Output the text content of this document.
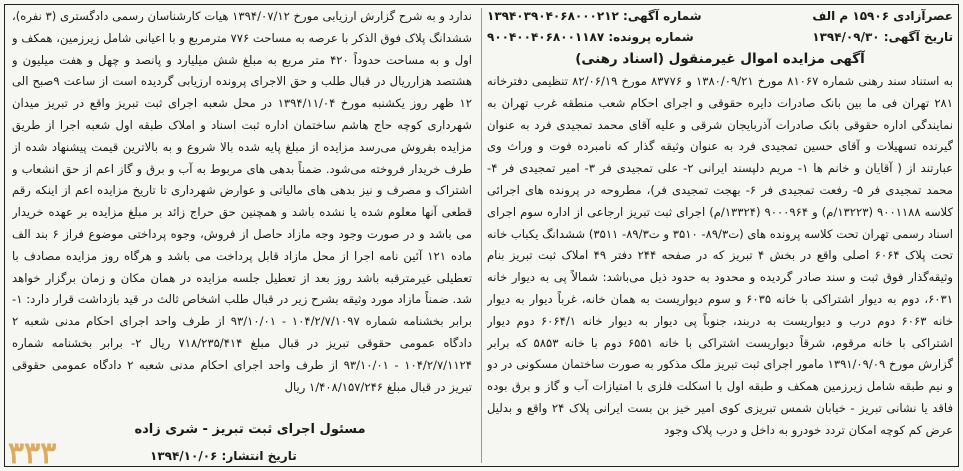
عصرآزادی ۱۵۹۰۶ م الف
شماره آگهی: ۱۳۹۴۰۳۹۰۴۰۶۸۰۰۰۲۱۲
تاریخ آگهی: ۱۳۹۴/۰۹/۳۰
شماره پرونده: ۹۰۰۴۰۰۴۰۶۸۰۰۱۱۸۷
آگهی مزایده اموال غیرمنقول (اسناد رهنی)

به استناد سند رهنی شماره ۸۱۰۶۷ مورخ ۱۳۸۰/۰۹/۲۱ و ۸۳۷۷۶ مورخ ۸۲/۰۶/۱۹ تنظیمی دفترخانه ۲۸۱ تهران فی ما بین بانک صادرات دایره حقوقی و اجرای احکام شعب منطقه غرب تهران به نمایندگی اداره حقوقی بانک صادرات آذربایجان شرقی و علیه آقای محمد تمجیدی فرد به عنوان گیرنده تسهیلات و آقای حسین تمجیدی فرد به عنوان وثیقه گذار که نامبرده فوت و وراث وی عبارتند از ( آقایان و خانم ها ۱- مریم دلپسند ایرانی ۲- علی تمجیدی فر ۳- امیر تمجیدی فر ۴- محمد تمجیدی فر ۵- رفعت تمجیدی فر ۶- بهجت تمجیدی فر)، مطروحه در پرونده های اجرائی کلاسه ۹۰۰۱۱۸۸ (۱۳۲۲۳/م) و ۹۰۰۰۹۶۴ (۱۳۳۲۴/م) اجرای ثبت تبریز ارجاعی از اداره سوم اجرای اسناد رسمی تهران تحت کلاسه پرونده های (ت۸۹/۳- ۳۵۱۰ و ت۸۹/۳- ۳۵۱۱) ششدانگ یکباب خانه تحت پلاک ۶۰۶۴ اصلی واقع در بخش ۴ تبریز که در صفحه ۲۴۴ دفتر ۴۹ املاک ثبت تبریز بنام وثیقه‌گذار فوق ثبت و سند صادر گردیده و محدود به حدود ذیل می‌باشد: شمالاً پی به دیوار خانه ۶۰۳۱، دوم به دیوار اشتراکی با خانه ۶۰۳۵ و سوم دیواریست به همان خانه، غرباً دیوار به دیوار خانه ۶۰۶۳ دوم درب و دیواریست به دربند، جنوباً پی دیوار به دیوار خانه ۶۰۶۴/۱ دوم دیوار اشتراکی با خانه مرقوم، شرقاً دیواریست اشتراکی با خانه ۶۵۵۱ دوم با خانه ۵۸۵۳ که برابر گزارش مورخ ۱۳۹۱/۰۹/۰۹ مامور اجرای ثبت تبریز ملک مذکور به صورت ساختمان مسکونی در دو و نیم طبقه شامل زیرزمین همکف و طبقه اول با اسکلت فلزی با امتیازات آب و گاز و برق بوده فاقد یا نشانی تبریز - خیابان شمس تبریزی کوی امیر خیز بن بست ایرانی پلاک ۲۴ واقع و بدلیل عرض کم کوچه امکان تردد خودرو به داخل و درب پلاک وجود

ندارد و به شرح گزارش ارزیابی مورخ ۱۳۹۴/۰۷/۱۲ هیات کارشناسان رسمی دادگستری (۳ نفره)، ششدانگ پلاک فوق الذکر با عرصه به مساحت ۷۷۶ مترمربع و با اعیانی شامل زیرزمین، همکف و اول و به مساحت حدوداً ۴۲۰ متر مربع به مبلغ شش میلیارد و پانصد و چهل و هفت میلیون و هشتصد هزارریال در قبال طلب و حق الاجرای پرونده ارزیابی گردیده است از ساعت ۹صبح الی ۱۲ ظهر روز یکشنبه مورخ ۱۳۹۴/۱۱/۰۴ در محل شعبه اجرای ثبت تبریز واقع در تبریز میدان شهرداری کوچه حاج هاشم ساختمان اداره ثبت اسناد و املاک طبقه اول شعبه اجرا از طریق مزایده بفروش می‌رسد مزایده از مبلغ پایه شده بالا شروع و به بالاترین قیمت پیشنهاد شده از طرف خریدار فروخته می‌شود. ضمناً بدهی های مربوط به آب و برق و گاز اعم از حق انشعاب و اشتراک و مصرف و نیز بدهی های مالیاتی و عوارض شهرداری تا تاریخ مزایده اعم از اینکه رقم قطعی آنها معلوم شده یا نشده باشد و همچنین حق حراج زائد بر مبلغ مزایده بر عهده خریدار می باشد و در صورت وجود وجه مازاد حاصل از فروش، وجوه پرداختی موضوع فراز ۶ بند الف ماده ۱۲۱ آئین نامه اجرا از محل مازاد قابل پرداخت می باشد و هرگاه روز مزایده مصادف با تعطیلی غیرمترقبه باشد روز بعد از تعطیل جلسه مزایده در همان مکان و زمان برگزار خواهد شد. ضمناً مازاد مورد وثیقه بشرح زیر در قبال طلب اشخاص ثالث در قید بازداشت قرار دارد: ۱- برابر بخشنامه شماره ۱۰۴/۲/۷/۱۰۹۷ - ۹۳/۱۰/۰۱ از طرف واحد اجرای احکام مدنی شعبه ۲ دادگاه عمومی حقوقی تبریز در قبال مبلغ ۷۱۸/۲۳۵/۴۱۴ ریال ۲- برابر بخشنامه شماره ۱۰۴/۲/۷/۱۱۲۴ - ۹۳/۱۰/۰۱ از طرف واحد اجرای احکام مدنی شعبه ۲ دادگاه عمومی حقوقی تبریز در قبال مبلغ ۱/۴۰۸/۱۵۷/۲۴۶ ریال

مسئول اجرای ثبت تبریز - شری زاده
تاریخ انتشار: ۱۳۹۴/۱۰/۰۶
۳۳۳
